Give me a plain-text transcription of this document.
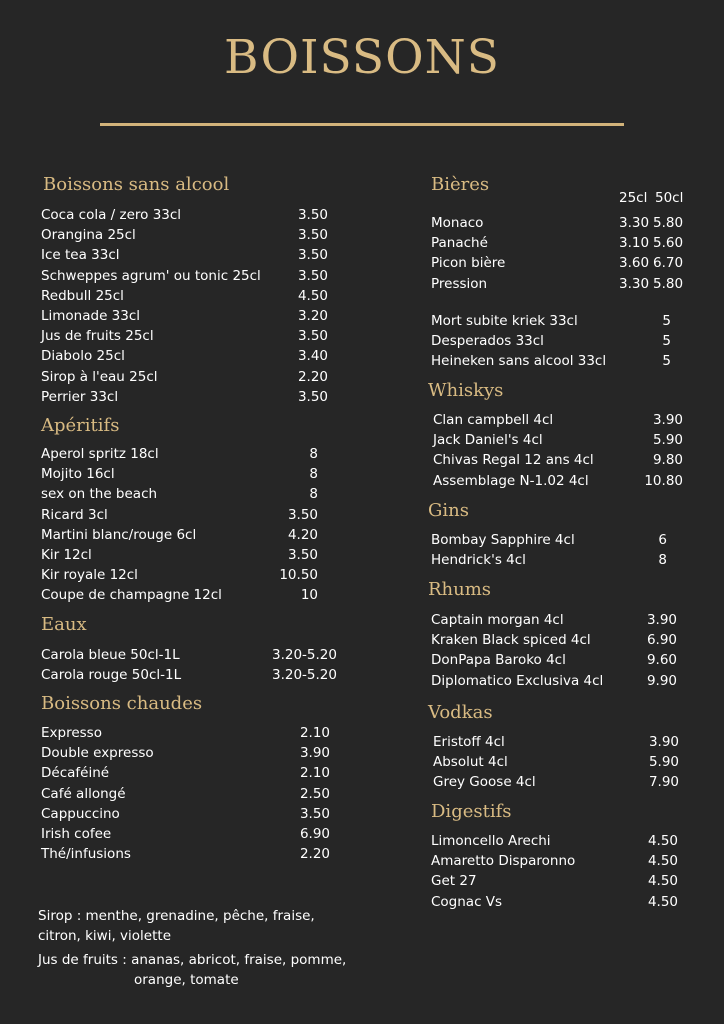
BOISSONS
Boissons sans alcool
Coca cola / zero 33cl	3.50
Orangina 25cl	3.50
Ice tea 33cl	3.50
Schweppes agrum' ou tonic 25cl	3.50
Redbull 25cl	4.50
Limonade 33cl	3.20
Jus de fruits 25cl	3.50
Diabolo 25cl	3.40
Sirop à l'eau 25cl	2.20
Perrier 33cl	3.50
Apéritifs
Aperol spritz 18cl	8
Mojito 16cl	8
sex on the beach	8
Ricard 3cl	3.50
Martini blanc/rouge 6cl	4.20
Kir 12cl	3.50
Kir royale 12cl	10.50
Coupe de champagne 12cl	10
Eaux
Carola bleue 50cl-1L	3.20-5.20
Carola rouge 50cl-1L	3.20-5.20
Boissons chaudes
Expresso	2.10
Double expresso	3.90
Décaféiné	2.10
Café allongé	2.50
Cappuccino	3.50
Irish cofee	6.90
Thé/infusions	2.20
Sirop : menthe, grenadine, pêche, fraise, citron, kiwi, violette
Jus de fruits : ananas, abricot, fraise, pomme,
orange, tomate
Bières
25cl 50cl
Monaco	3.30 5.80
Panaché	3.10 5.60
Picon bière	3.60 6.70
Pression	3.30 5.80
Mort subite kriek 33cl	5
Desperados 33cl	5
Heineken sans alcool 33cl	5
Whiskys
Clan campbell 4cl	3.90
Jack Daniel's 4cl	5.90
Chivas Regal 12 ans 4cl	9.80
Assemblage N-1.02 4cl	10.80
Gins
Bombay Sapphire 4cl	6
Hendrick's 4cl	8
Rhums
Captain morgan 4cl	3.90
Kraken Black spiced 4cl	6.90
DonPapa Baroko 4cl	9.60
Diplomatico Exclusiva 4cl	9.90
Vodkas
Eristoff 4cl	3.90
Absolut 4cl	5.90
Grey Goose 4cl	7.90
Digestifs
Limoncello Arechi	4.50
Amaretto Disparonno	4.50
Get 27	4.50
Cognac Vs	4.50
